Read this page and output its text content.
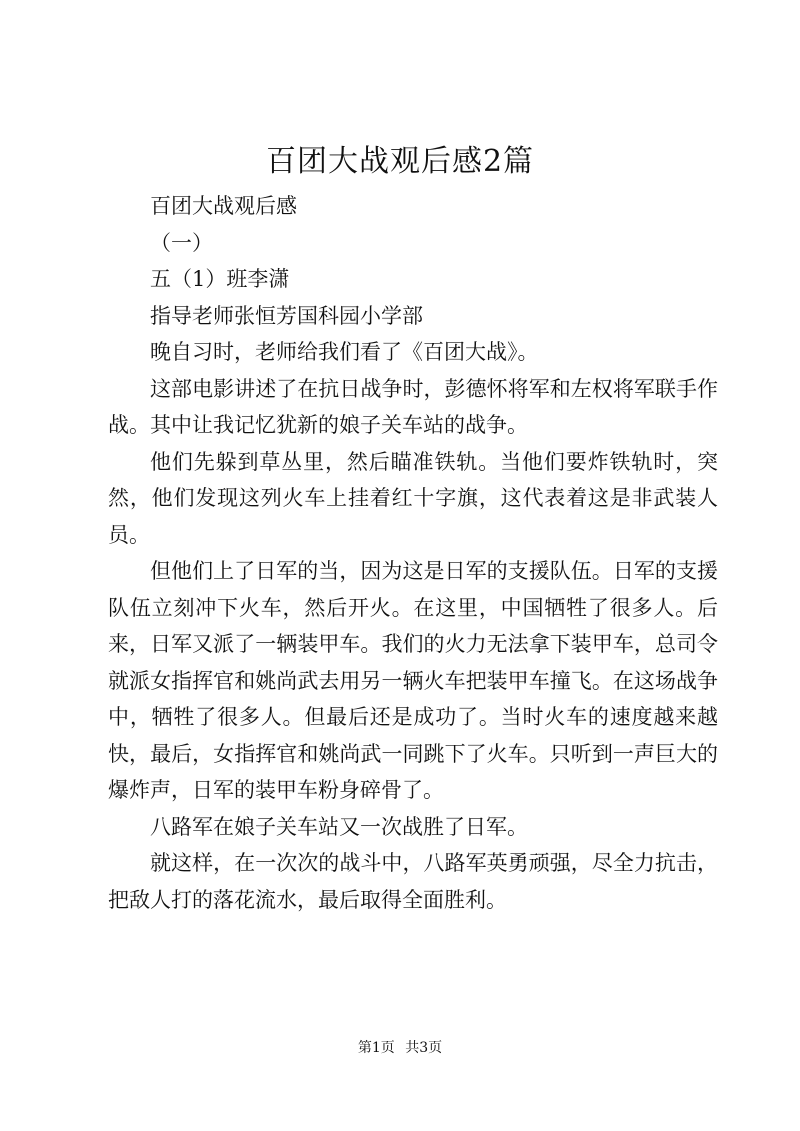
百团大战观后感2篇

百团大战观后感

（一）

五（1）班李潇

指导老师张恒芳国科园小学部

晚自习时，老师给我们看了《百团大战》。

这部电影讲述了在抗日战争时，彭德怀将军和左权将军联手作战。其中让我记忆犹新的娘子关车站的战争。

他们先躲到草丛里，然后瞄准铁轨。当他们要炸铁轨时，突然，他们发现这列火车上挂着红十字旗，这代表着这是非武装人员。

但他们上了日军的当，因为这是日军的支援队伍。日军的支援队伍立刻冲下火车，然后开火。在这里，中国牺牲了很多人。后来，日军又派了一辆装甲车。我们的火力无法拿下装甲车，总司令就派女指挥官和姚尚武去用另一辆火车把装甲车撞飞。在这场战争中，牺牲了很多人。但最后还是成功了。当时火车的速度越来越快，最后，女指挥官和姚尚武一同跳下了火车。只听到一声巨大的爆炸声，日军的装甲车粉身碎骨了。

八路军在娘子关车站又一次战胜了日军。

就这样，在一次次的战斗中，八路军英勇顽强，尽全力抗击，把敌人打的落花流水，最后取得全面胜利。

第1页 共3页
